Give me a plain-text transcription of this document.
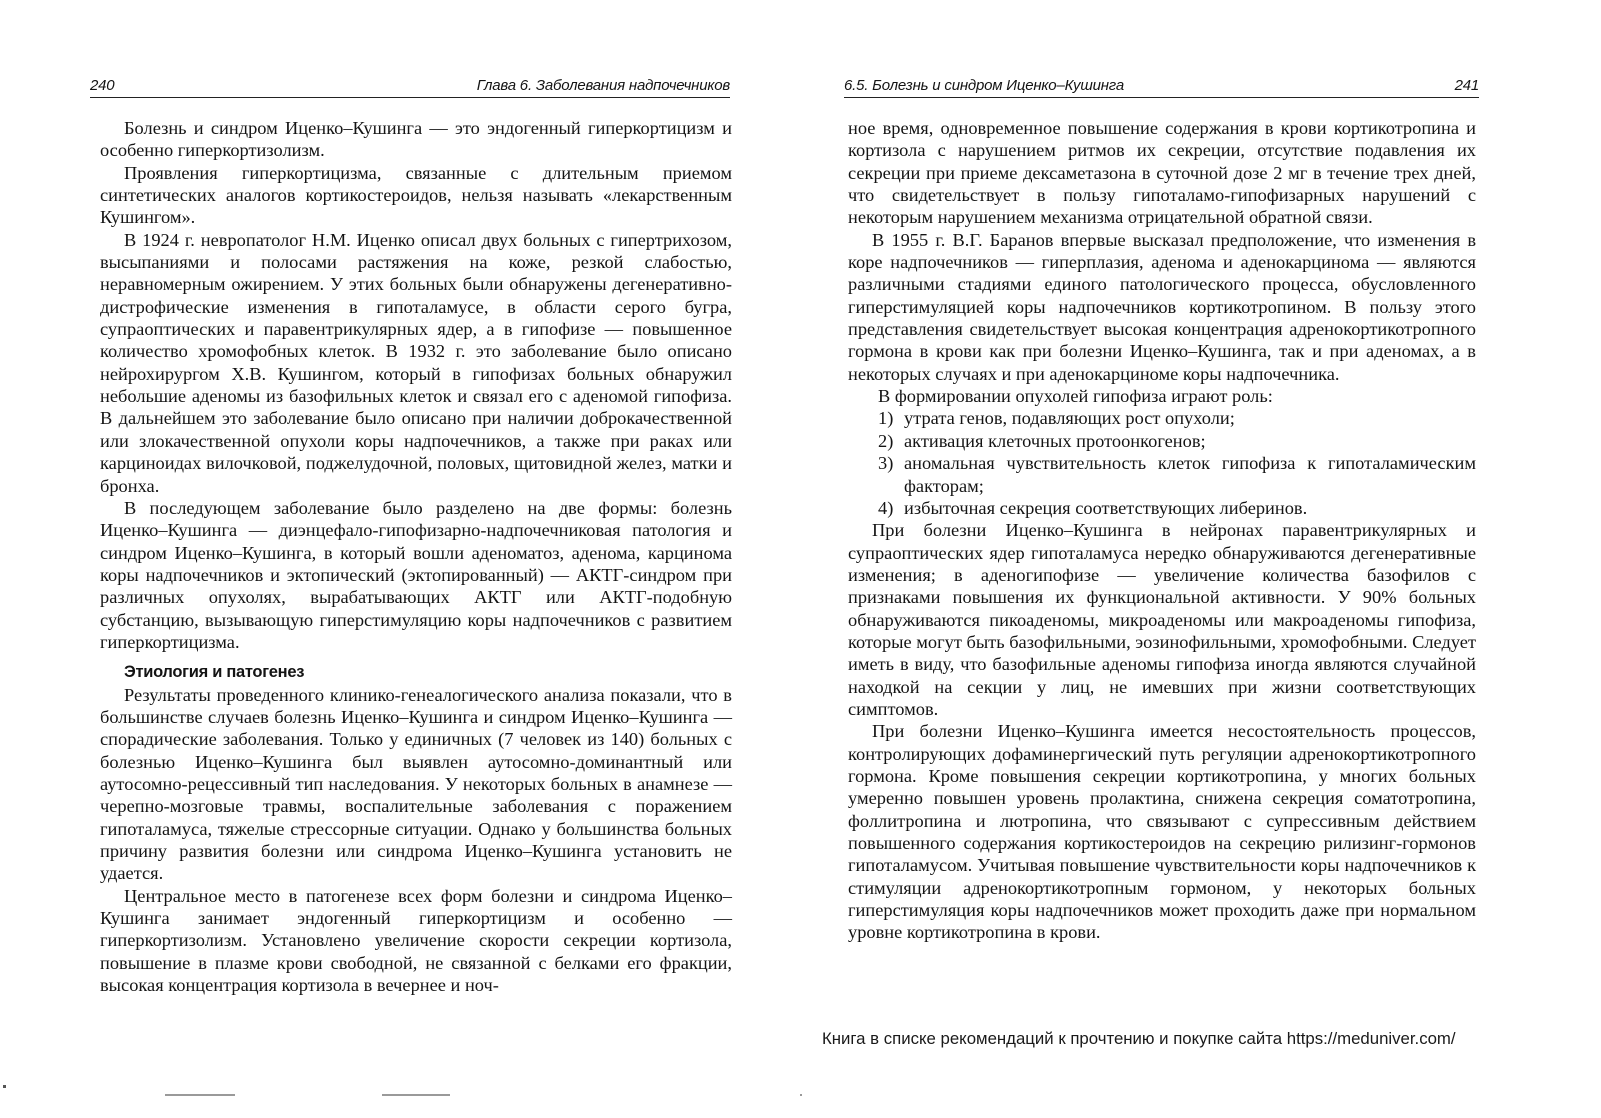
240	Глава 6. Заболевания надпочечников

Болезнь и синдром Иценко–Кушинга — это эндогенный гиперкортицизм и особенно гиперкортизолизм.

Проявления гиперкортицизма, связанные с длительным приемом синтетических аналогов кортикостероидов, нельзя называть «лекарственным Кушингом».

В 1924 г. невропатолог Н.М. Иценко описал двух больных с гипертрихозом, высыпаниями и полосами растяжения на коже, резкой слабостью, неравномерным ожирением. У этих больных были обнаружены дегенеративно-дистрофические изменения в гипоталамусе, в области серого бугра, супраоптических и паравентрикулярных ядер, а в гипофизе — повышенное количество хромофобных клеток. В 1932 г. это заболевание было описано нейрохирургом Х.В. Кушингом, который в гипофизах больных обнаружил небольшие аденомы из базофильных клеток и связал его с аденомой гипофиза. В дальнейшем это заболевание было описано при наличии доброкачественной или злокачественной опухоли коры надпочечников, а также при раках или карциноидах вилочковой, поджелудочной, половых, щитовидной желез, матки и бронха.

В последующем заболевание было разделено на две формы: болезнь Иценко–Кушинга — диэнцефало-гипофизарно-надпочечниковая патология и синдром Иценко–Кушинга, в который вошли аденоматоз, аденома, карцинома коры надпочечников и эктопический (эктопированный) — АКТГ-синдром при различных опухолях, вырабатывающих АКТГ или АКТГ-подобную субстанцию, вызывающую гиперстимуляцию коры надпочечников с развитием гиперкортицизма.

Этиология и патогенез

Результаты проведенного клинико-генеалогического анализа показали, что в большинстве случаев болезнь Иценко–Кушинга и синдром Иценко–Кушинга — спорадические заболевания. Только у единичных (7 человек из 140) больных с болезнью Иценко–Кушинга был выявлен аутосомно-доминантный или аутосомно-рецессивный тип наследования. У некоторых больных в анамнезе — черепно-мозговые травмы, воспалительные заболевания с поражением гипоталамуса, тяжелые стрессорные ситуации. Однако у большинства больных причину развития болезни или синдрома Иценко–Кушинга установить не удается.

Центральное место в патогенезе всех форм болезни и синдрома Иценко–Кушинга занимает эндогенный гиперкортицизм и особенно — гиперкортизолизм. Установлено увеличение скорости секреции кортизола, повышение в плазме крови свободной, не связанной с белками его фракции, высокая концентрация кортизола в вечернее и ноч-

6.5. Болезнь и синдром Иценко–Кушинга	241

ное время, одновременное повышение содержания в крови кортикотропина и кортизола с нарушением ритмов их секреции, отсутствие подавления их секреции при приеме дексаметазона в суточной дозе 2 мг в течение трех дней, что свидетельствует в пользу гипоталамо-гипофизарных нарушений с некоторым нарушением механизма отрицательной обратной связи.

В 1955 г. В.Г. Баранов впервые высказал предположение, что изменения в коре надпочечников — гиперплазия, аденома и аденокарцинома — являются различными стадиями единого патологического процесса, обусловленного гиперстимуляцией коры надпочечников кортикотропином. В пользу этого представления свидетельствует высокая концентрация адренокортикотропного гормона в крови как при болезни Иценко–Кушинга, так и при аденомах, а в некоторых случаях и при аденокарциноме коры надпочечника.

В формировании опухолей гипофиза играют роль:

1) утрата генов, подавляющих рост опухоли;
2) активация клеточных протоонкогенов;
3) аномальная чувствительность клеток гипофиза к гипоталамическим факторам;
4) избыточная секреция соответствующих либеринов.

При болезни Иценко–Кушинга в нейронах паравентрикулярных и супраоптических ядер гипоталамуса нередко обнаруживаются дегенеративные изменения; в аденогипофизе — увеличение количества базофилов с признаками повышения их функциональной активности. У 90% больных обнаруживаются пикоаденомы, микроаденомы или макроаденомы гипофиза, которые могут быть базофильными, эозинофильными, хромофобными. Следует иметь в виду, что базофильные аденомы гипофиза иногда являются случайной находкой на секции у лиц, не имевших при жизни соответствующих симптомов.

При болезни Иценко–Кушинга имеется несостоятельность процессов, контролирующих дофаминергический путь регуляции адренокортикотропного гормона. Кроме повышения секреции кортикотропина, у многих больных умеренно повышен уровень пролактина, снижена секреция соматотропина, фоллитропина и лютропина, что связывают с супрессивным действием повышенного содержания кортикостероидов на секрецию рилизинг-гормонов гипоталамусом. Учитывая повышение чувствительности коры надпочечников к стимуляции адренокортикотропным гормоном, у некоторых больных гиперстимуляция коры надпочечников может проходить даже при нормальном уровне кортикотропина в крови.

Книга в списке рекомендаций к прочтению и покупке сайта https://meduniver.com/
